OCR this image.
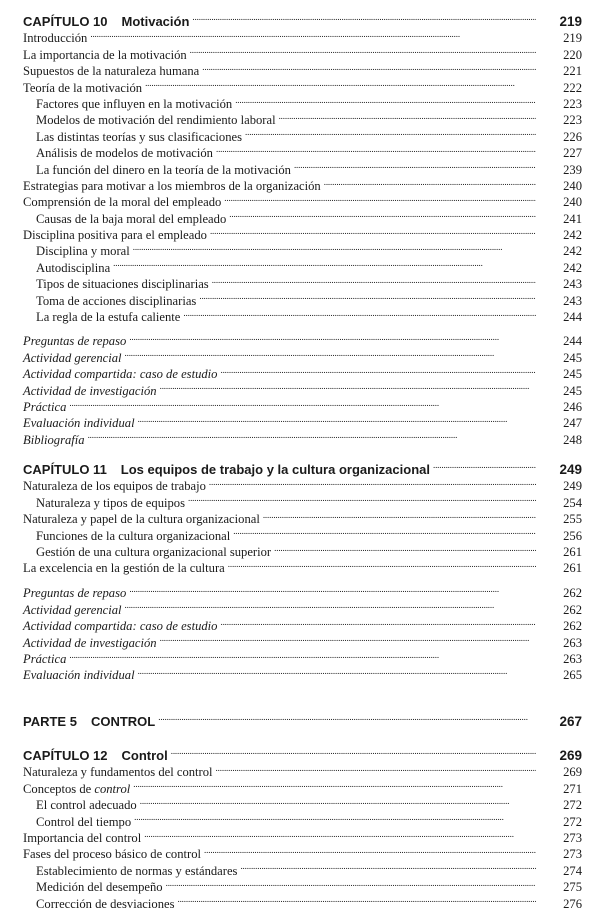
CAPÍTULO 10 Motivación . . .	219
Introducción . . .	219
La importancia de la motivación . . .	220
Supuestos de la naturaleza humana . . .	221
Teoría de la motivación . . .	222
Factores que influyen en la motivación . . .	223
Modelos de motivación del rendimiento laboral . . .	223
Las distintas teorías y sus clasificaciones . . .	226
Análisis de modelos de motivación . . .	227
La función del dinero en la teoría de la motivación . . .	239
Estrategias para motivar a los miembros de la organización . . .	240
Comprensión de la moral del empleado . . .	240
Causas de la baja moral del empleado . . .	241
Disciplina positiva para el empleado . . .	242
Disciplina y moral . . .	242
Autodisciplina . . .	242
Tipos de situaciones disciplinarias . . .	243
Toma de acciones disciplinarias . . .	243
La regla de la estufa caliente . . .	244
Preguntas de repaso . . .	244
Actividad gerencial . . .	245
Actividad compartida: caso de estudio . . .	245
Actividad de investigación . . .	245
Práctica . . .	246
Evaluación individual . . .	247
Bibliografía . . .	248
CAPÍTULO 11 Los equipos de trabajo y la cultura organizacional . . .	249
Naturaleza de los equipos de trabajo . . .	249
Naturaleza y tipos de equipos . . .	254
Naturaleza y papel de la cultura organizacional . . .	255
Funciones de la cultura organizacional . . .	256
Gestión de una cultura organizacional superior . . .	261
La excelencia en la gestión de la cultura . . .	261
Preguntas de repaso . . .	262
Actividad gerencial . . .	262
Actividad compartida: caso de estudio . . .	262
Actividad de investigación . . .	263
Práctica . . .	263
Evaluación individual . . .	265
PARTE 5 CONTROL . . .	267
CAPÍTULO 12 Control . . .	269
Naturaleza y fundamentos del control . . .	269
Conceptos de control . . .	271
El control adecuado . . .	272
Control del tiempo . . .	272
Importancia del control . . .	273
Fases del proceso básico de control . . .	273
Establecimiento de normas y estándares . . .	274
Medición del desempeño . . .	275
Corrección de desviaciones . . .	276
